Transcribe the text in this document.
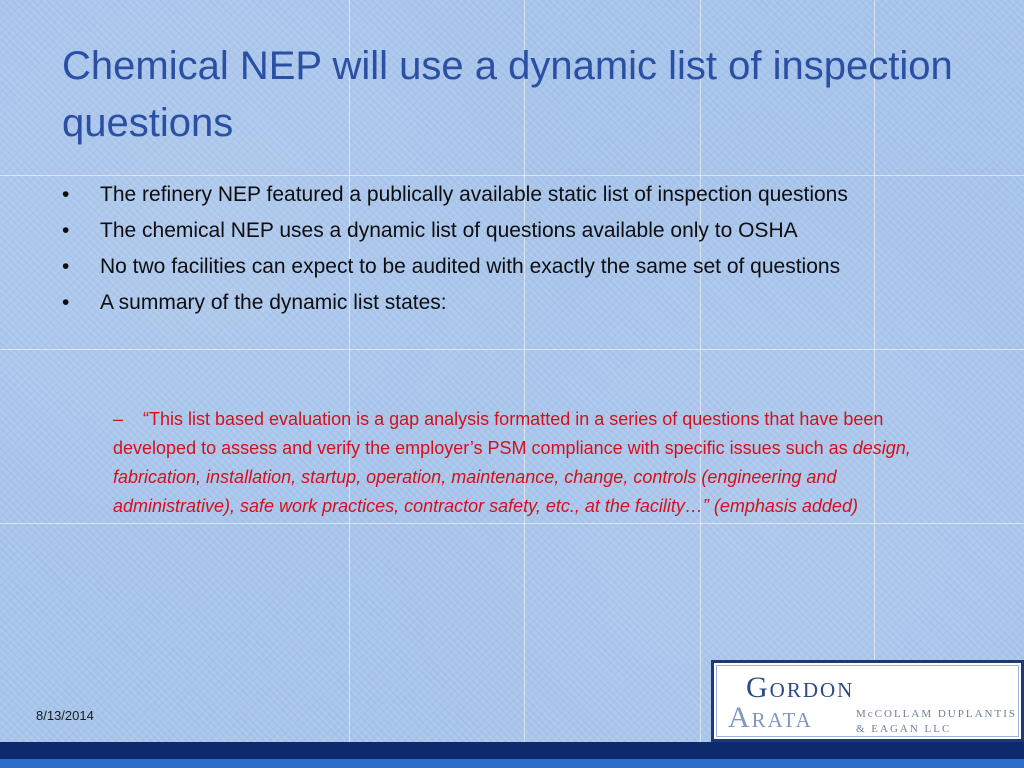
Chemical NEP will use a dynamic list of inspection questions
•	The refinery NEP featured a publically available static list of inspection questions
•	The chemical NEP uses a dynamic list of questions available only to OSHA
•	No two facilities can expect to be audited with exactly the same set of questions
•	A summary of the dynamic list states:
– “This list based evaluation is a gap analysis formatted in a series of questions that have been developed to assess and verify the employer’s PSM compliance with specific issues such as design, fabrication, installation, startup, operation, maintenance, change, controls (engineering and administrative), safe work practices, contractor safety, etc., at the facility…” (emphasis added)
8/13/2014
Gordon
Arata	McCOLLAM DUPLANTIS
& EAGAN LLC
